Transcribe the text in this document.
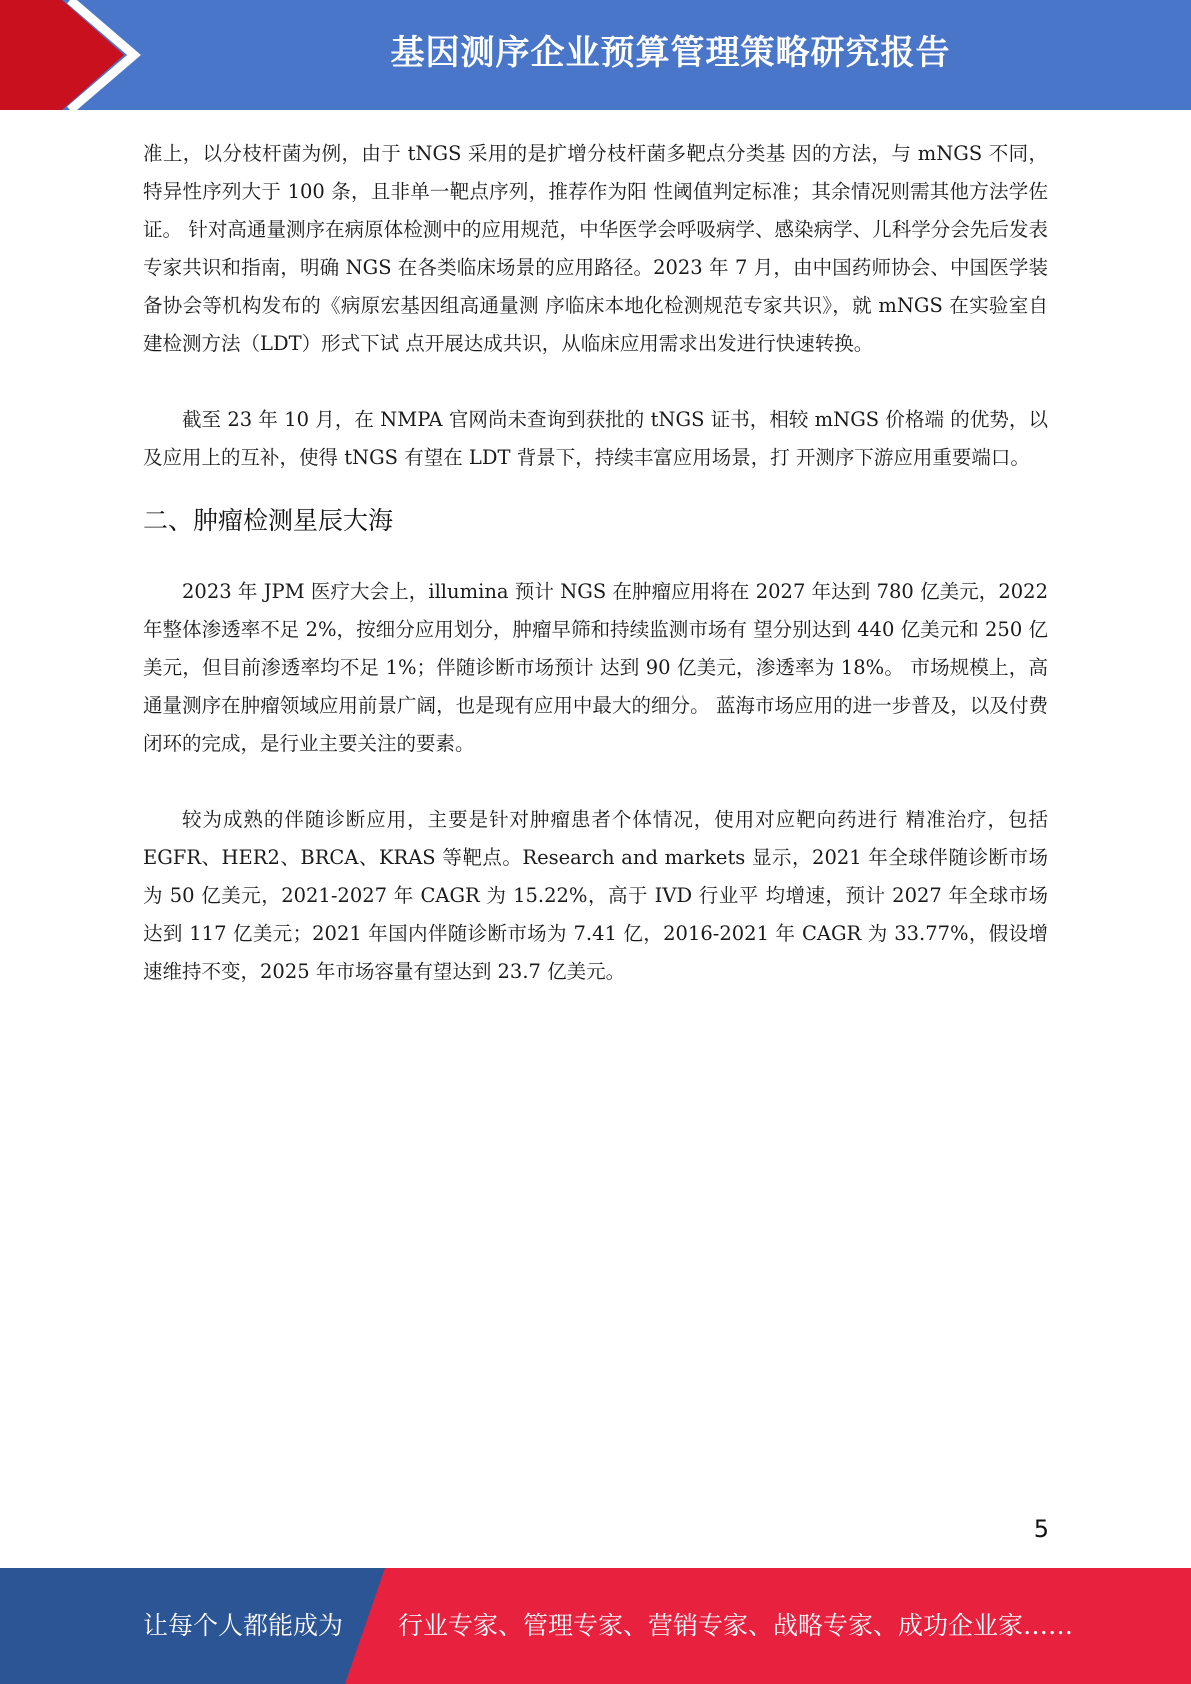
基因测序企业预算管理策略研究报告

准上，以分枝杆菌为例，由于 tNGS 采用的是扩增分枝杆菌多靶点分类基 因的方法，与 mNGS 不同，特异性序列大于 100 条，且非单一靶点序列，推荐作为阳 性阈值判定标准；其余情况则需其他方法学佐证。 针对高通量测序在病原体检测中的应用规范，中华医学会呼吸病学、感染病学、儿科学分会先后发表专家共识和指南，明确 NGS 在各类临床场景的应用路径。2023 年 7 月，由中国药师协会、中国医学装备协会等机构发布的《病原宏基因组高通量测 序临床本地化检测规范专家共识》，就 mNGS 在实验室自建检测方法（LDT）形式下试 点开展达成共识，从临床应用需求出发进行快速转换。

截至 23 年 10 月，在 NMPA 官网尚未查询到获批的 tNGS 证书，相较 mNGS 价格端 的优势，以及应用上的互补，使得 tNGS 有望在 LDT 背景下，持续丰富应用场景，打 开测序下游应用重要端口。

二、肿瘤检测星辰大海

2023 年 JPM 医疗大会上，illumina 预计 NGS 在肿瘤应用将在 2027 年达到 780 亿美元，2022 年整体渗透率不足 2%，按细分应用划分，肿瘤早筛和持续监测市场有 望分别达到 440 亿美元和 250 亿美元，但目前渗透率均不足 1%；伴随诊断市场预计 达到 90 亿美元，渗透率为 18%。 市场规模上，高通量测序在肿瘤领域应用前景广阔，也是现有应用中最大的细分。 蓝海市场应用的进一步普及，以及付费闭环的完成，是行业主要关注的要素。

较为成熟的伴随诊断应用，主要是针对肿瘤患者个体情况，使用对应靶向药进行 精准治疗，包括 EGFR、HER2、BRCA、KRAS 等靶点。Research and markets 显示，2021 年全球伴随诊断市场为 50 亿美元，2021-2027 年 CAGR 为 15.22%，高于 IVD 行业平 均增速，预计 2027 年全球市场达到 117 亿美元；2021 年国内伴随诊断市场为 7.41 亿，2016-2021 年 CAGR 为 33.77%，假设增速维持不变，2025 年市场容量有望达到 23.7 亿美元。

5
让每个人都能成为 行业专家、管理专家、营销专家、战略专家、成功企业家……
